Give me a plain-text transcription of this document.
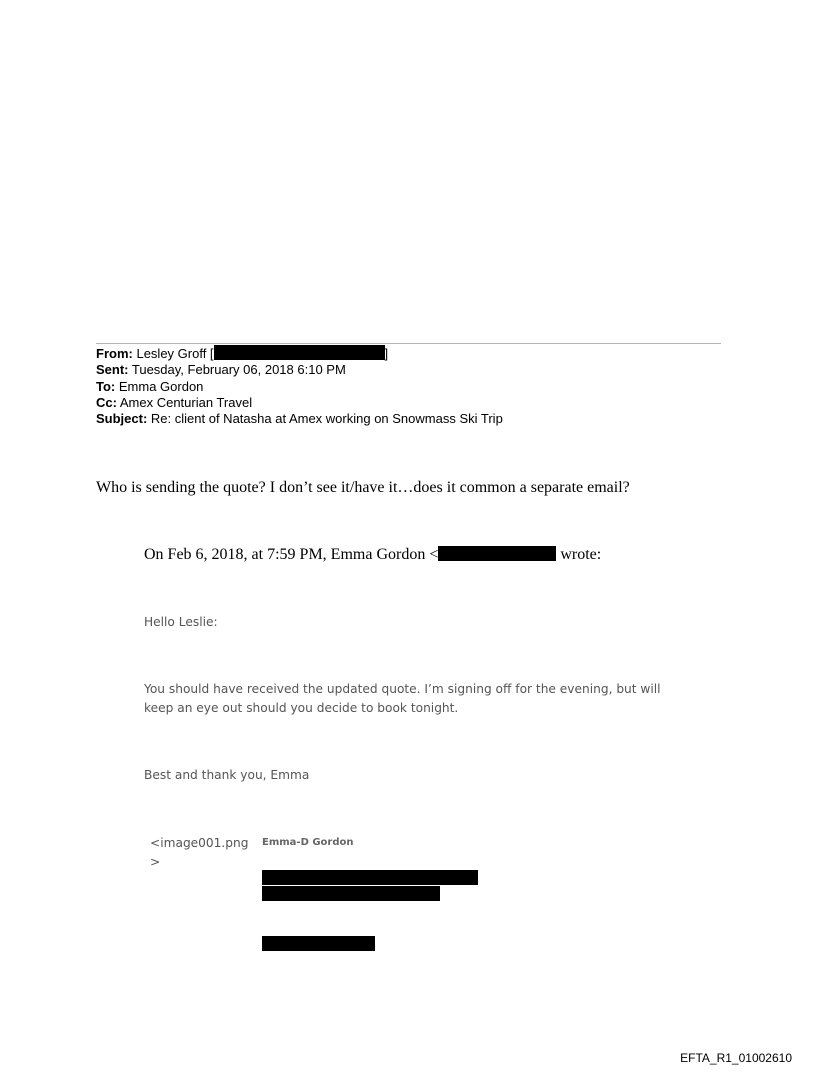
From: Lesley Groff [	]
Sent: Tuesday, February 06, 2018 6:10 PM
To: Emma Gordon
Cc: Amex Centurian Travel
Subject: Re: client of Natasha at Amex working on Snowmass Ski Trip
Who is sending the quote? I don’t see it/have it…does it common a separate email?
On Feb 6, 2018, at 7:59 PM, Emma Gordon <	wrote:
Hello Leslie:
You should have received the updated quote. I’m signing off for the evening, but will
keep an eye out should you decide to book tonight.
Best and thank you, Emma
<image001.png
>
Emma-D Gordon
EFTA_R1_01002610
